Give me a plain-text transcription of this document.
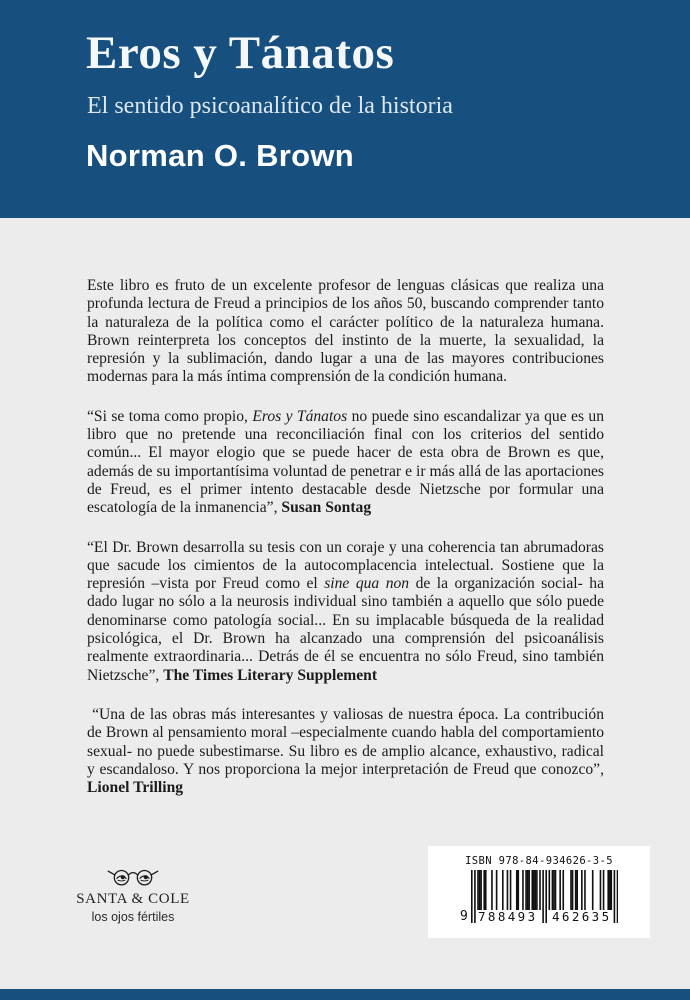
Eros y Tánatos

El sentido psicoanalítico de la historia

Norman O. Brown

Este libro es fruto de un excelente profesor de lenguas clásicas que realiza una profunda lectura de Freud a principios de los años 50, buscando comprender tanto la naturaleza de la política como el carácter político de la naturaleza humana. Brown reinterpreta los conceptos del instinto de la muerte, la sexualidad, la represión y la sublimación, dando lugar a una de las mayores contribuciones modernas para la más íntima comprensión de la condición humana.

“Si se toma como propio, Eros y Tánatos no puede sino escandalizar ya que es un libro que no pretende una reconciliación final con los criterios del sentido común... El mayor elogio que se puede hacer de esta obra de Brown es que, además de su importantísima voluntad de penetrar e ir más allá de las aportaciones de Freud, es el primer intento destacable desde Nietzsche por formular una escatología de la inmanencia”, Susan Sontag

“El Dr. Brown desarrolla su tesis con un coraje y una coherencia tan abrumadoras que sacude los cimientos de la autocomplacencia intelectual. Sostiene que la represión –vista por Freud como el sine qua non de la organización social- ha dado lugar no sólo a la neurosis individual sino también a aquello que sólo puede denominarse como patología social... En su implacable búsqueda de la realidad psicológica, el Dr. Brown ha alcanzado una comprensión del psicoanálisis realmente extraordinaria... Detrás de él se encuentra no sólo Freud, sino también Nietzsche”, The Times Literary Supplement

“Una de las obras más interesantes y valiosas de nuestra época. La contribución de Brown al pensamiento moral –especialmente cuando habla del comportamiento sexual- no puede subestimarse. Su libro es de amplio alcance, exhaustivo, radical y escandaloso. Y nos proporciona la mejor interpretación de Freud que conozco”, Lionel Trilling

SANTA & COLE

los ojos fértiles

ISBN 978-84-934626-3-5

9 788493 462635
